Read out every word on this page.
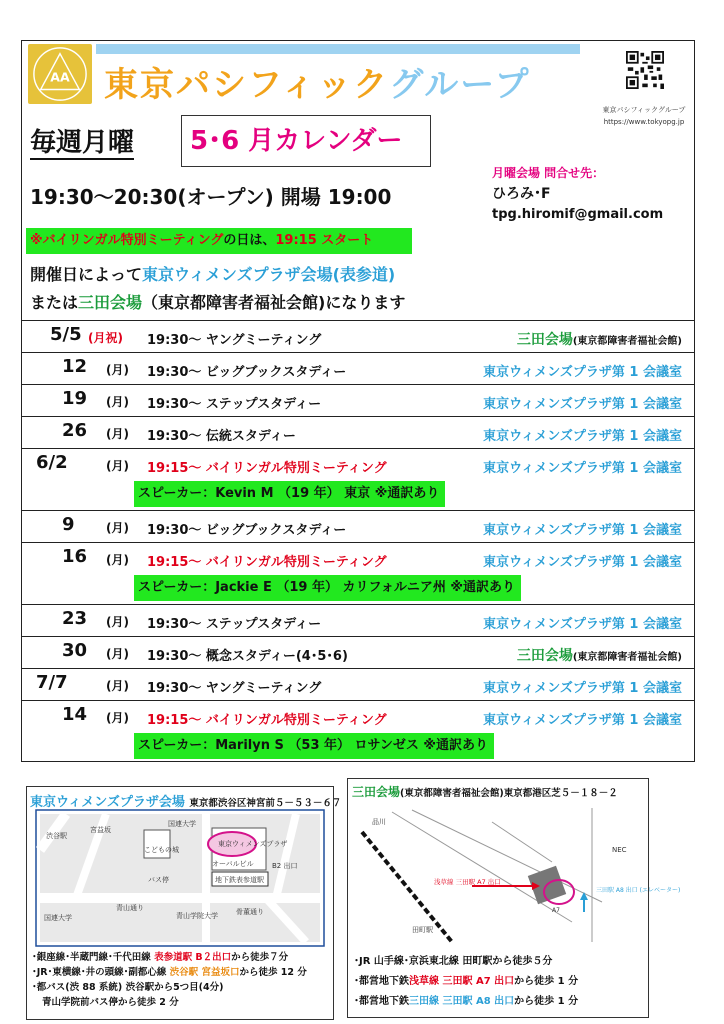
AA 東京パシフィックグループ
東京パシフィックグループ
https://www.tokyopg.jp
毎週月曜	5･6 月カレンダー
19:30～20:30(オープン) 開場 19:00
月曜会場 問合せ先：
ひろみ･F
tpg.hiromif@gmail.com
※バイリンガル特別ミーティングの日は、19:15 スタート
開催日によって東京ウィメンズプラザ会場(表参道)
または三田会場（東京都障害者福祉会館)になります
5/5 (月祝) 19:30～ ヤングミーティング	三田会場(東京都障害者福祉会館)
12 (月) 19:30～ ビッグブックスタディー	東京ウィメンズプラザ第 1 会議室
19 (月) 19:30～ ステップスタディー	東京ウィメンズプラザ第 1 会議室
26 (月) 19:30～ 伝統スタディー	東京ウィメンズプラザ第 1 会議室
6/2	(月) 19:15～ バイリンガル特別ミーティング	東京ウィメンズプラザ第 1 会議室
スピーカー：Kevin M （19 年） 東京 ※通訳あり
9	(月) 19:30～ ビッグブックスタディー	東京ウィメンズプラザ第 1 会議室
16 (月) 19:15～ バイリンガル特別ミーティング	東京ウィメンズプラザ第 1 会議室
スピーカー：Jackie E （19 年） カリフォルニア州 ※通訳あり
23 (月) 19:30～ ステップスタディー	東京ウィメンズプラザ第 1 会議室
30 (月) 19:30～ 概念スタディー(4･5･6)	三田会場(東京都障害者福祉会館)
7/7	(月) 19:30～ ヤングミーティング	東京ウィメンズプラザ第 1 会議室
14 (月) 19:15～ バイリンガル特別ミーティング	東京ウィメンズプラザ第 1 会議室
スピーカー：Marilyn S （53 年） ロサンゼス ※通訳あり
東京ウィメンズプラザ会場 東京都渋谷区神宮前５－５３－６７
渋谷駅
宮益坂
国連大学
こどもの城
東京ウィメンズプラザ
オーバルビル
バス停
B2 出口
地下鉄表参道駅
青山通り
青山学院大学	骨董通り
国連大学
･銀座線･半蔵門線･千代田線 表参道駅 B２出口から徒歩７分
･JR･東横線･井の頭線･副都心線 渋谷駅 宮益坂口から徒歩 12 分
･都バス(渋 88 系統) 渋谷駅から5つ目(4分)
青山学院前バス停から徒歩 2 分
三田会場(東京都障害者福祉会館)東京都港区芝５－１８－２
品川
田町駅
浅草線 三田駅 A7 出口
三田駅 A8 出口 (エレベーター)
A7
NEC
･JR 山手線･京浜東北線 田町駅から徒歩５分
･都営地下鉄浅草線 三田駅 A7 出口から徒歩 1 分
･都営地下鉄三田線 三田駅 A8 出口から徒歩 1 分
